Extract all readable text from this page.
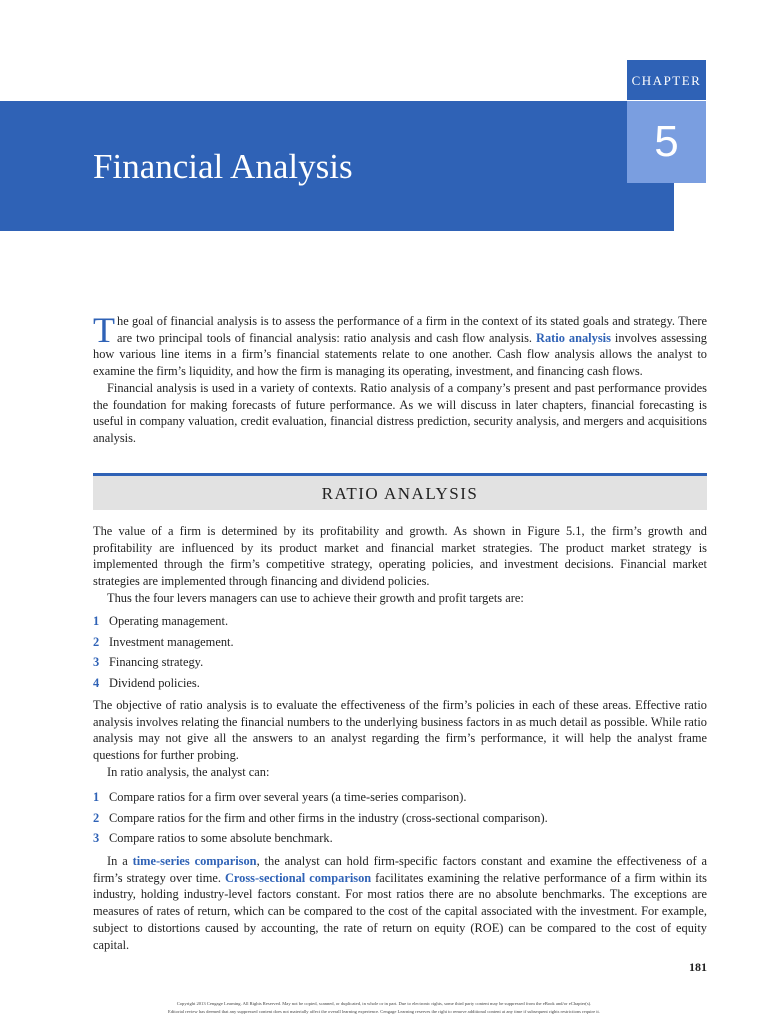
CHAPTER
Financial Analysis
5

The goal of financial analysis is to assess the performance of a firm in the context of its stated goals and strategy. There are two principal tools of financial analysis: ratio analysis and cash flow analysis. Ratio analysis involves assessing how various line items in a firm’s financial statements relate to one another. Cash flow analysis allows the analyst to examine the firm’s liquidity, and how the firm is managing its operating, investment, and financing cash flows.

Financial analysis is used in a variety of contexts. Ratio analysis of a company’s present and past performance provides the foundation for making forecasts of future performance. As we will discuss in later chapters, financial forecasting is useful in company valuation, credit evaluation, financial distress prediction, security analysis, and mergers and acquisitions analysis.

RATIO ANALYSIS

The value of a firm is determined by its profitability and growth. As shown in Figure 5.1, the firm’s growth and profitability are influenced by its product market and financial market strategies. The product market strategy is implemented through the firm’s competitive strategy, operating policies, and investment decisions. Financial market strategies are implemented through financing and dividend policies.

Thus the four levers managers can use to achieve their growth and profit targets are:

1 Operating management.
2 Investment management.
3 Financing strategy.
4 Dividend policies.

The objective of ratio analysis is to evaluate the effectiveness of the firm’s policies in each of these areas. Effective ratio analysis involves relating the financial numbers to the underlying business factors in as much detail as possible. While ratio analysis may not give all the answers to an analyst regarding the firm’s performance, it will help the analyst frame questions for further probing.

In ratio analysis, the analyst can:

1 Compare ratios for a firm over several years (a time-series comparison).
2 Compare ratios for the firm and other firms in the industry (cross-sectional comparison).
3 Compare ratios to some absolute benchmark.
In a time-series comparison, the analyst can hold firm-specific factors constant and examine the effectiveness of a firm’s strategy over time. Cross-sectional comparison facilitates examining the relative performance of a firm within its industry, holding industry-level factors constant. For most ratios there are no absolute benchmarks. The exceptions are measures of rates of return, which can be compared to the cost of the capital associated with the investment. For example, subject to distortions caused by accounting, the rate of return on equity (ROE) can be compared to the cost of equity capital.
181
Copyright 2013 Cengage Learning. All Rights Reserved. May not be copied, scanned, or duplicated, in whole or in part. Due to electronic rights, some third party content may be suppressed from the eBook and/or eChapter(s).
Editorial review has deemed that any suppressed content does not materially affect the overall learning experience. Cengage Learning reserves the right to remove additional content at any time if subsequent rights restrictions require it.
